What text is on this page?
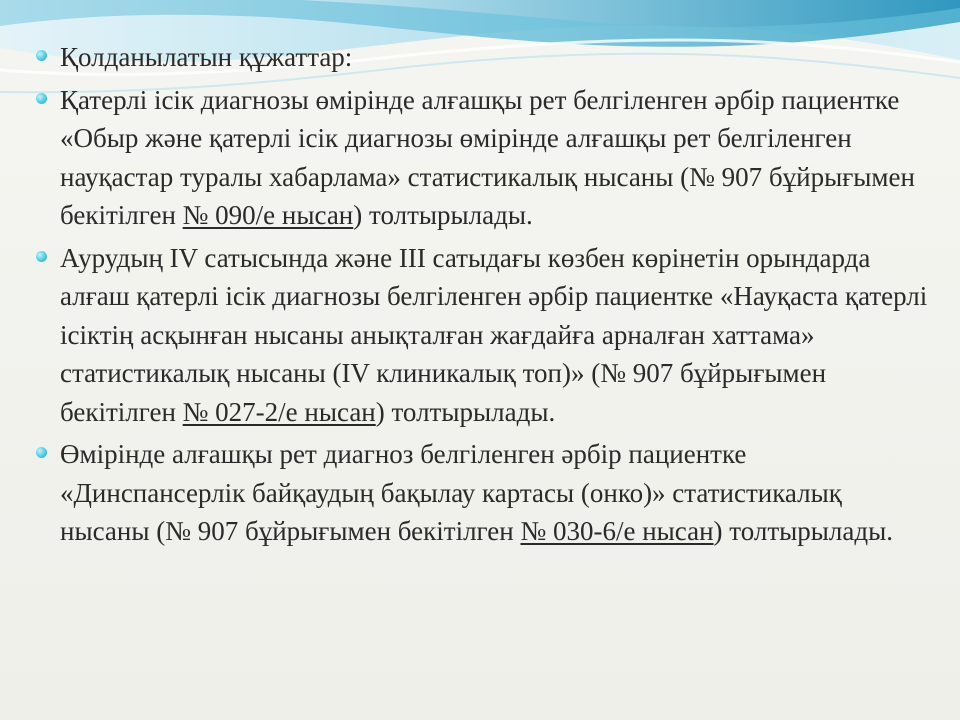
Қолданылатын құжаттар:
Қатерлі ісік диагнозы өмірінде алғашқы рет белгіленген әрбір пациентке «Обыр және қатерлі ісік диагнозы өмірінде алғашқы рет белгіленген науқастар туралы хабарлама» статистикалық нысаны (№ 907 бұйрығымен бекітілген № 090/е нысан) толтырылады.
Аурудың IV сатысында және III сатыдағы көзбен көрінетін орындарда алғаш қатерлі ісік диагнозы белгіленген әрбір пациентке «Науқаста қатерлі ісіктің асқынған нысаны анықталған жағдайға арналған хаттама» статистикалық нысаны (IV клиникалық топ)» (№ 907 бұйрығымен бекітілген № 027-2/е нысан) толтырылады.
Өмірінде алғашқы рет диагноз белгіленген әрбір пациентке «Динспансерлік байқаудың бақылау картасы (онко)» статистикалық нысаны (№ 907 бұйрығымен бекітілген № 030-6/е нысан) толтырылады.
